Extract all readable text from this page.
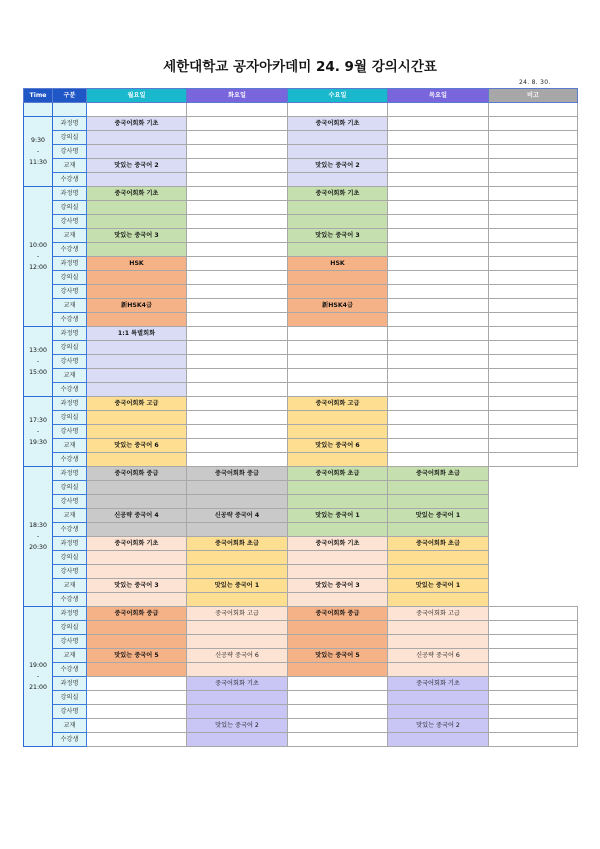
세한대학교 공자아카데미 24. 9월 강의시간표
24. 8. 30.
Time	구분	월요일	화요일	수요일	목요일	비고

9:30
-
11:30	과정명	중국어회화 기초		중국어회화 기초		
	강의실					
	강사명					
	교재	맛있는 중국어 2		맛있는 중국어 2		
	수강생					
10:00
-
12:00	과정명	중국어회화 기초		중국어회화 기초		
	강의실					
	강사명					
	교재	맛있는 중국어 3		맛있는 중국어 3		
	수강생					
	과정명	HSK		HSK		
	강의실					
	강사명					
	교재	新HSK4급		新HSK4급		
	수강생					
13:00
-
15:00	과정명	1:1 특별회화				
	강의실					
	강사명					
	교재					
	수강생					
17:30
-
19:30	과정명	중국어회화 고급		중국어회화 고급		
	강의실					
	강사명					
	교재	맛있는 중국어 6		맛있는 중국어 6		
	수강생					
18:30
-
20:30	과정명	중국어회화 중급	중국어회화 중급	중국어회화 초급	중국어회화 초급	
	강의실					
	강사명					
	교재	신공략 중국어 4	신공략 중국어 4	맛있는 중국어 1	맛있는 중국어 1	
	수강생					
	과정명	중국어회화 기초	중국어회화 초급	중국어회화 기초	중국어회화 초급	
	강의실					
	강사명					
	교재	맛있는 중국어 3	맛있는 중국어 1	맛있는 중국어 3	맛있는 중국어 1	
	수강생					
19:00
-
21:00	과정명	중국어회화 중급	중국어회화 고급	중국어회화 중급	중국어회화 고급	
	강의실					
	강사명					
	교재	맛있는 중국어 5	신공략 중국어 6	맛있는 중국어 5	신공략 중국어 6	
	수강생					
	과정명		중국어회화 기초		중국어회화 기초	
	강의실					
	강사명					
	교재		맛있는 중국어 2		맛있는 중국어 2	
	수강생					
